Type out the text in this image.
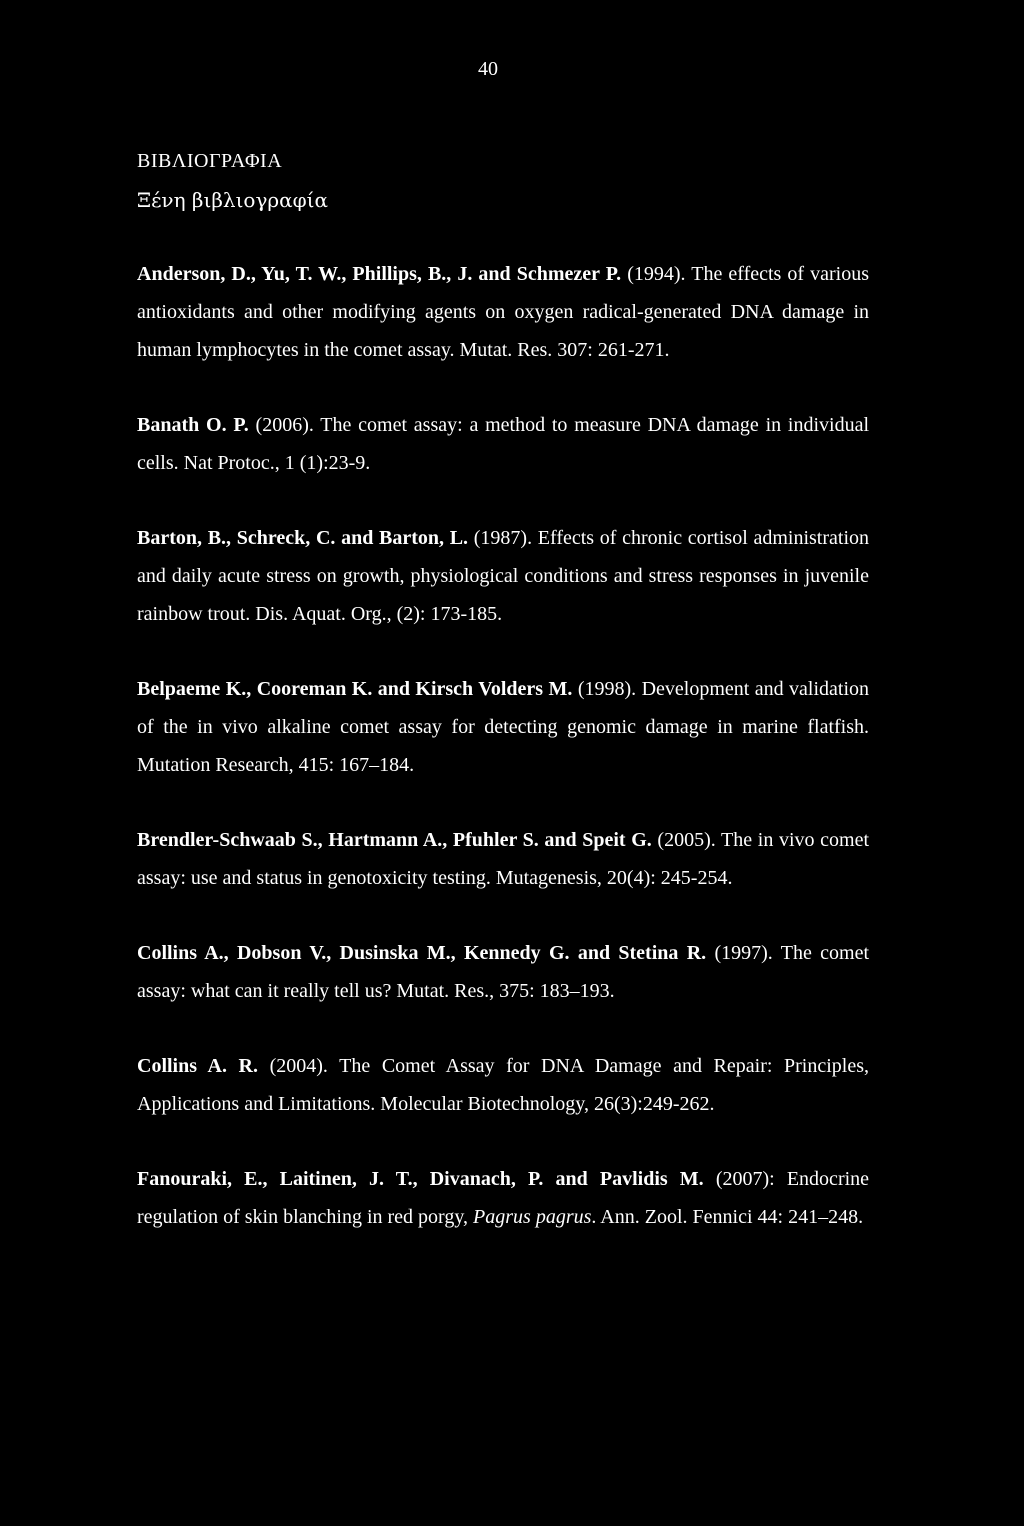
40
ΒΙΒΛΙΟΓΡΑΦΙΑ
Ξένη βιβλιογραφία

Anderson, D., Yu, T. W., Phillips, B., J. and Schmezer P. (1994). The effects of various antioxidants and other modifying agents on oxygen radical-generated DNA damage in human lymphocytes in the comet assay. Mutat. Res. 307: 261-271.

Banath O. P. (2006). The comet assay: a method to measure DNA damage in individual cells. Nat Protoc., 1 (1):23-9.

Barton, B., Schreck, C. and Barton, L. (1987). Effects of chronic cortisol administration and daily acute stress on growth, physiological conditions and stress responses in juvenile rainbow trout. Dis. Aquat. Org., (2): 173-185.

Belpaeme K., Cooreman K. and Kirsch Volders M. (1998). Development and validation of the in vivo alkaline comet assay for detecting genomic damage in marine flatfish. Mutation Research, 415: 167–184.

Brendler-Schwaab S., Hartmann A., Pfuhler S. and Speit G. (2005). The in vivo comet assay: use and status in genotoxicity testing. Mutagenesis, 20(4): 245-254.

Collins A., Dobson V., Dusinska M., Kennedy G. and Stetina R. (1997). The comet assay: what can it really tell us? Mutat. Res., 375: 183–193.

Collins A. R. (2004). The Comet Assay for DNA Damage and Repair: Principles, Applications and Limitations. Molecular Biotechnology, 26(3):249-262.

Fanouraki, E., Laitinen, J. T., Divanach, P. and Pavlidis M. (2007): Endocrine regulation of skin blanching in red porgy, Pagrus pagrus. Ann. Zool. Fennici 44: 241–248.
